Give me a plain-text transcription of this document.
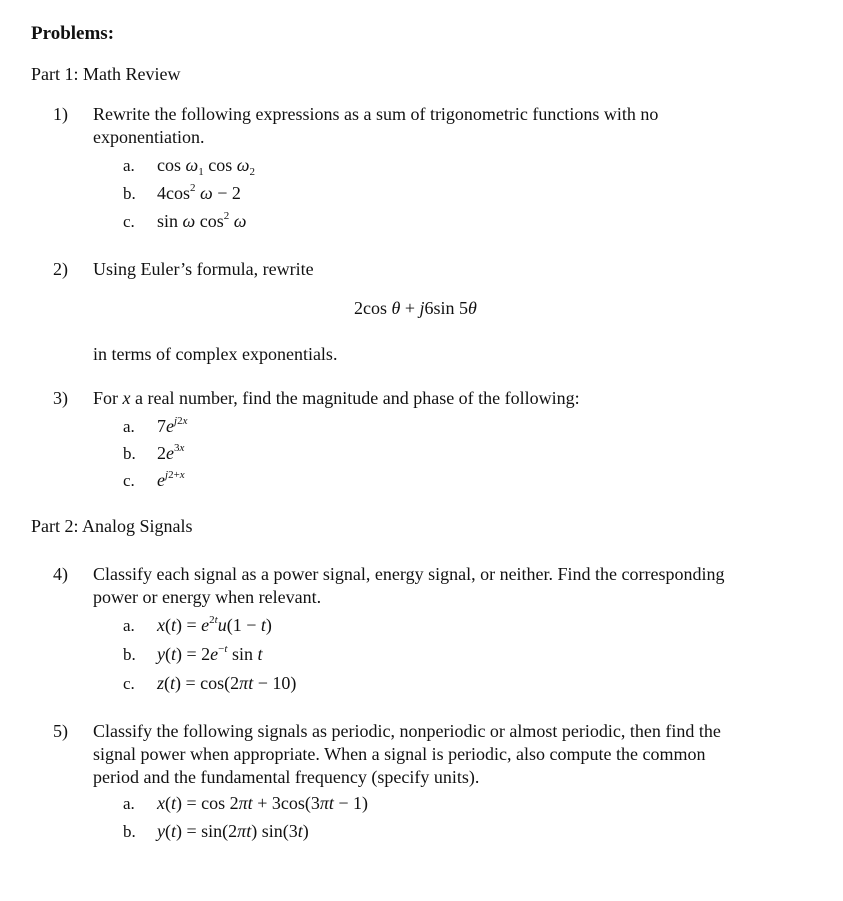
Problems:
Part 1: Math Review
1) Rewrite the following expressions as a sum of trigonometric functions with no
exponentiation.
a. $\cos \omega_1$ $\cos \omega_2$
b. $4\cos^2$ ω − 2
c. sin ω $\cos^2 \omega$
2) Using Euler’s formula, rewrite
2cos θ + j6sin 5θ
in terms of complex exponentials.
3) For x a real number, find the magnitude and phase of the following:
a. $7e^{j2x}$
b. $2e^{3x}$
c. $e^{j2+x}$
Part 2: Analog Signals
4) Classify each signal as a power signal, energy signal, or neither. Find the corresponding
power or energy when relevant.
a. $x(t) = e^{2t}u(1 - t)$
b. $y(t) = 2e^{-t}$ sin t
c. z(t) = cos(2πt − 10)
5) Classify the following signals as periodic, nonperiodic or almost periodic, then find the
signal power when appropriate. When a signal is periodic, also compute the common
period and the fundamental frequency (specify units).
a. x(t) = cos 2πt + 3cos(3πt − 1)
b. y(t) = sin(2πt) sin(3t)
